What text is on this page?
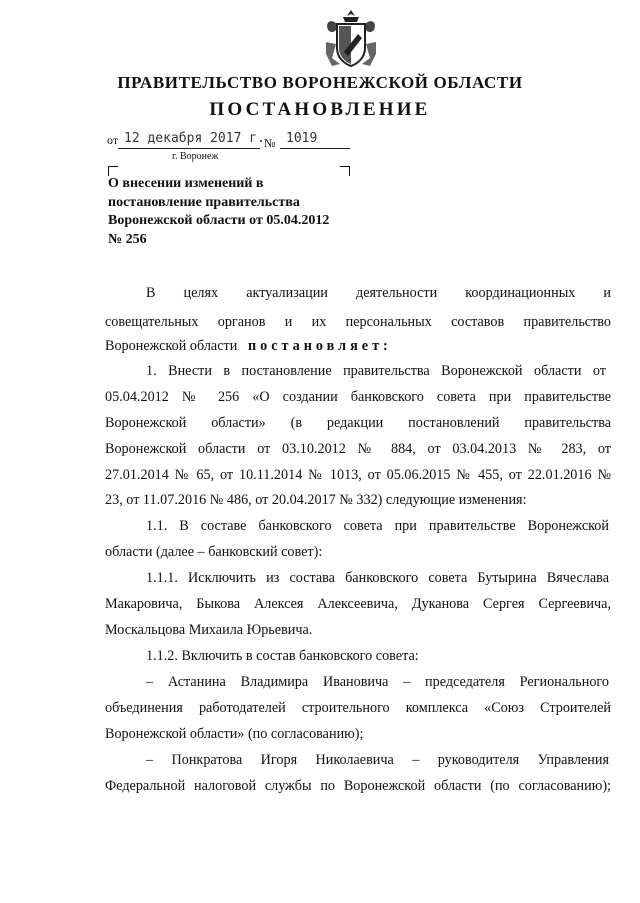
ПРАВИТЕЛЬСТВО ВОРОНЕЖСКОЙ ОБЛАСТИ
ПОСТАНОВЛЕНИЕ
от 12 декабря 2017 г. № 1019
г. Воронеж
О внесении изменений в
постановление правительства
Воронежской области от 05.04.2012
№ 256
В целях актуализации деятельности координационных и
совещательных органов и их персональных составов правительство
Воронежской области постановляет:
1. Внести в постановление правительства Воронежской области от
05.04.2012 № 256 «О создании банковского совета при правительстве
Воронежской области» (в редакции постановлений правительства
Воронежской области от 03.10.2012 № 884, от 03.04.2013 № 283, от
27.01.2014 № 65, от 10.11.2014 № 1013, от 05.06.2015 № 455, от 22.01.2016 №
23, от 11.07.2016 № 486, от 20.04.2017 № 332) следующие изменения:
1.1. В составе банковского совета при правительстве Воронежской
области (далее – банковский совет):
1.1.1. Исключить из состава банковского совета Бутырина Вячеслава
Макаровича, Быкова Алексея Алексеевича, Дуканова Сергея Сергеевича,
Москальцова Михаила Юрьевича.
1.1.2. Включить в состав банковского совета:
– Астанина Владимира Ивановича – председателя Регионального
объединения работодателей строительного комплекса «Союз Строителей
Воронежской области» (по согласованию);
– Понкратова Игоря Николаевича – руководителя Управления
Федеральной налоговой службы по Воронежской области (по согласованию);
